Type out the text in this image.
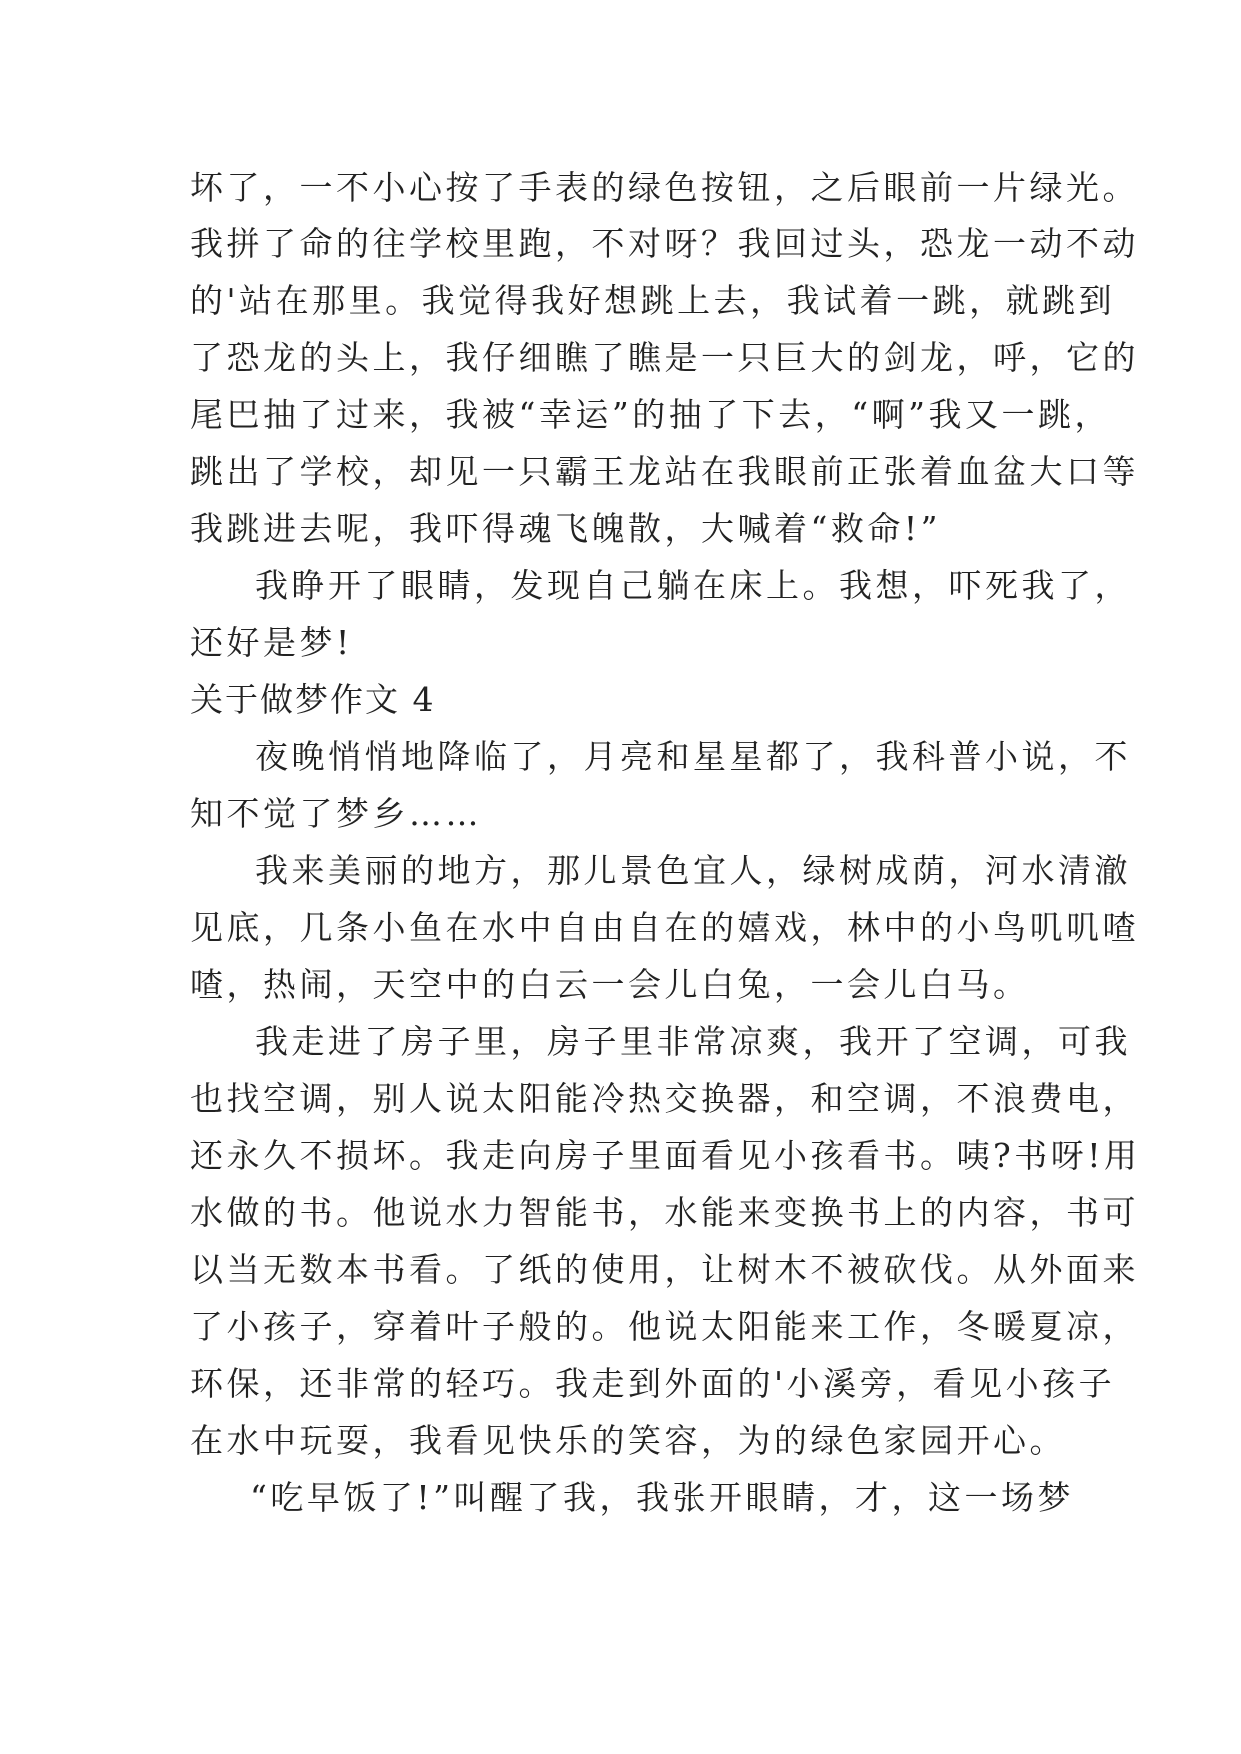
坏了，一不小心按了手表的绿色按钮，之后眼前一片绿光。
我拼了命的往学校里跑，不对呀？我回过头，恐龙一动不动
的'站在那里。我觉得我好想跳上去，我试着一跳，就跳到
了恐龙的头上，我仔细瞧了瞧是一只巨大的剑龙，呼，它的
尾巴抽了过来，我被“幸运”的抽了下去，“啊”我又一跳，
跳出了学校，却见一只霸王龙站在我眼前正张着血盆大口等
我跳进去呢，我吓得魂飞魄散，大喊着“救命!”
我睁开了眼睛，发现自己躺在床上。我想，吓死我了，
还好是梦!
关于做梦作文 4
夜晚悄悄地降临了，月亮和星星都了，我科普小说，不
知不觉了梦乡……
我来美丽的地方，那儿景色宜人，绿树成荫，河水清澈
见底，几条小鱼在水中自由自在的嬉戏，林中的小鸟叽叽喳
喳，热闹，天空中的白云一会儿白兔，一会儿白马。
我走进了房子里，房子里非常凉爽，我开了空调，可我
也找空调，别人说太阳能冷热交换器，和空调，不浪费电，
还永久不损坏。我走向房子里面看见小孩看书。咦?书呀!用
水做的书。他说水力智能书，水能来变换书上的内容，书可
以当无数本书看。了纸的使用，让树木不被砍伐。从外面来
了小孩子，穿着叶子般的。他说太阳能来工作，冬暖夏凉，
环保，还非常的轻巧。我走到外面的'小溪旁，看见小孩子
在水中玩耍，我看见快乐的笑容，为的绿色家园开心。
“吃早饭了!”叫醒了我，我张开眼睛，才，这一场梦
